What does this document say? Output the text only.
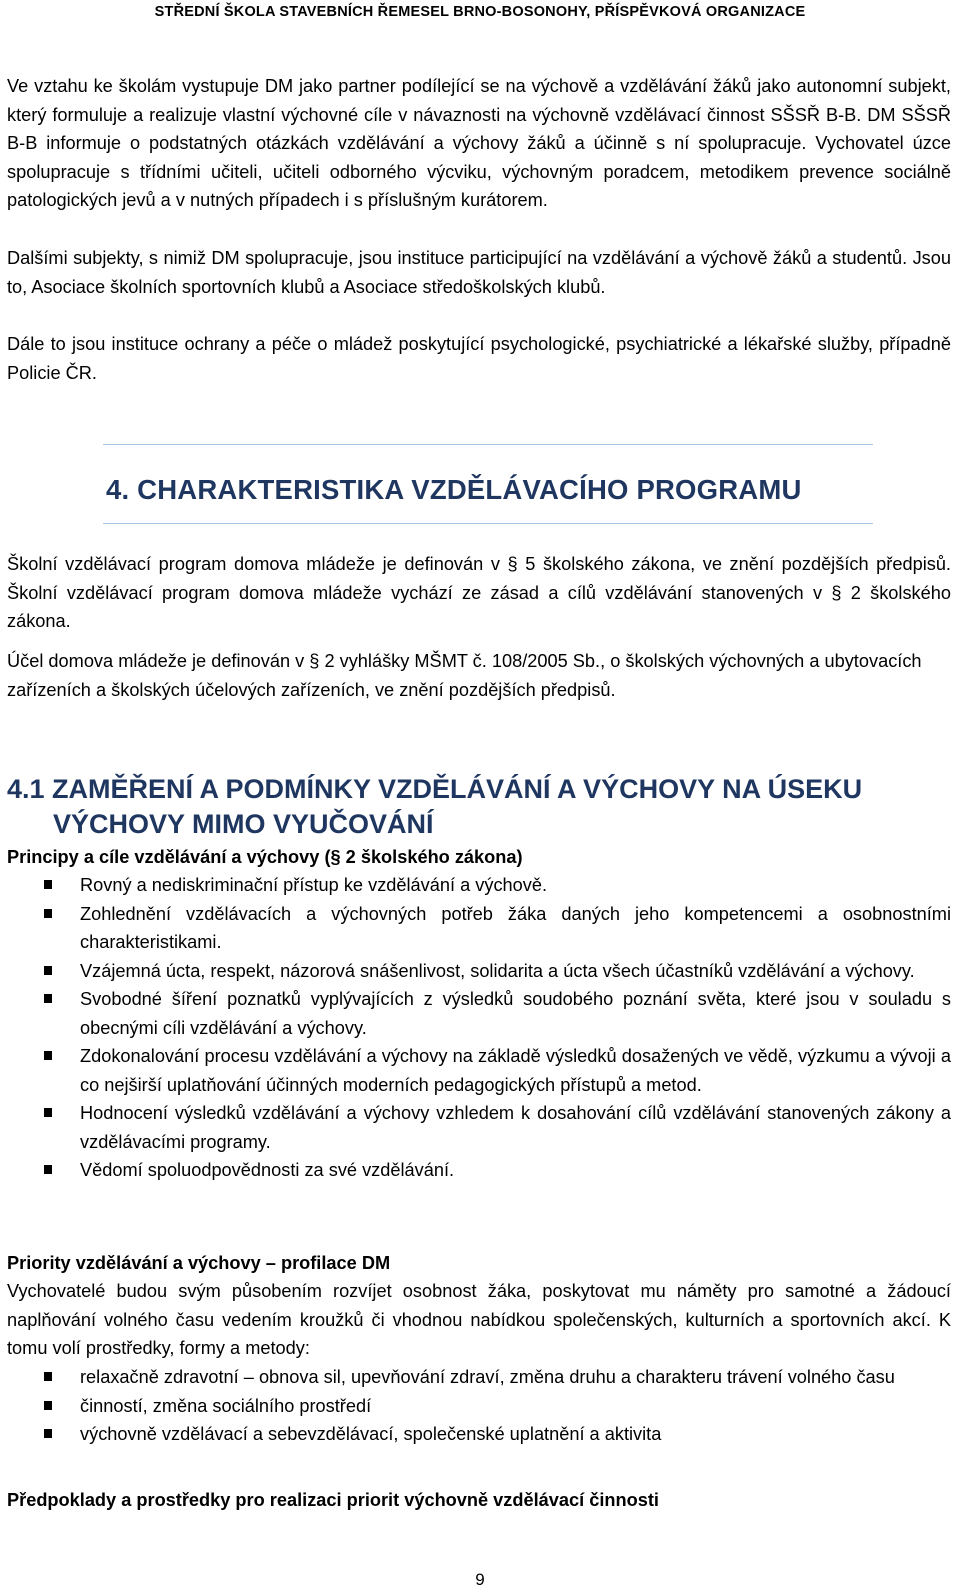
STŘEDNÍ ŠKOLA STAVEBNÍCH ŘEMESEL BRNO-BOSONOHY, PŘÍSPĚVKOVÁ ORGANIZACE
Ve vztahu ke školám vystupuje DM jako partner podílející se na výchově a vzdělávání žáků jako autonomní subjekt, který formuluje a realizuje vlastní výchovné cíle v návaznosti na výchovně vzdělávací činnost SŠSŘ B-B. DM SŠSŘ B-B informuje o podstatných otázkách vzdělávání a výchovy žáků a účinně s ní spolupracuje. Vychovatel úzce spolupracuje s třídními učiteli, učiteli odborného výcviku, výchovným poradcem, metodikem prevence sociálně patologických jevů a v nutných případech i s příslušným kurátorem.
Dalšími subjekty, s nimiž DM spolupracuje, jsou instituce participující na vzdělávání a výchově žáků a studentů. Jsou to, Asociace školních sportovních klubů a Asociace středoškolských klubů.
Dále to jsou instituce ochrany a péče o mládež poskytující psychologické, psychiatrické a lékařské služby, případně Policie ČR.
4. CHARAKTERISTIKA VZDĚLÁVACÍHO PROGRAMU
Školní vzdělávací program domova mládeže je definován v § 5 školského zákona, ve znění pozdějších předpisů. Školní vzdělávací program domova mládeže vychází ze zásad a cílů vzdělávání stanovených v § 2 školského zákona.
Účel domova mládeže je definován v § 2 vyhlášky MŠMT č. 108/2005 Sb., o školských výchovných a ubytovacích zařízeních a školských účelových zařízeních, ve znění pozdějších předpisů.
4.1 ZAMĚŘENÍ A PODMÍNKY VZDĚLÁVÁNÍ A VÝCHOVY NA ÚSEKU
VÝCHOVY MIMO VYUČOVÁNÍ
Principy a cíle vzdělávání a výchovy (§ 2 školského zákona)
Rovný a nediskriminační přístup ke vzdělávání a výchově.
Zohlednění vzdělávacích a výchovných potřeb žáka daných jeho kompetencemi a osobnostními charakteristikami.
Vzájemná úcta, respekt, názorová snášenlivost, solidarita a úcta všech účastníků vzdělávání a výchovy.
Svobodné šíření poznatků vyplývajících z výsledků soudobého poznání světa, které jsou v souladu s obecnými cíli vzdělávání a výchovy.
Zdokonalování procesu vzdělávání a výchovy na základě výsledků dosažených ve vědě, výzkumu a vývoji a co nejširší uplatňování účinných moderních pedagogických přístupů a metod.
Hodnocení výsledků vzdělávání a výchovy vzhledem k dosahování cílů vzdělávání stanovených zákony a vzdělávacími programy.
Vědomí spoluodpovědnosti za své vzdělávání.
Priority vzdělávání a výchovy – profilace DM
Vychovatelé budou svým působením rozvíjet osobnost žáka, poskytovat mu náměty pro samotné a žádoucí naplňování volného času vedením kroužků či vhodnou nabídkou společenských, kulturních a sportovních akcí. K tomu volí prostředky, formy a metody:
relaxačně zdravotní – obnova sil, upevňování zdraví, změna druhu a charakteru trávení volného času
činností, změna sociálního prostředí
výchovně vzdělávací a sebevzdělávací, společenské uplatnění a aktivita
Předpoklady a prostředky pro realizaci priorit výchovně vzdělávací činnosti
9
